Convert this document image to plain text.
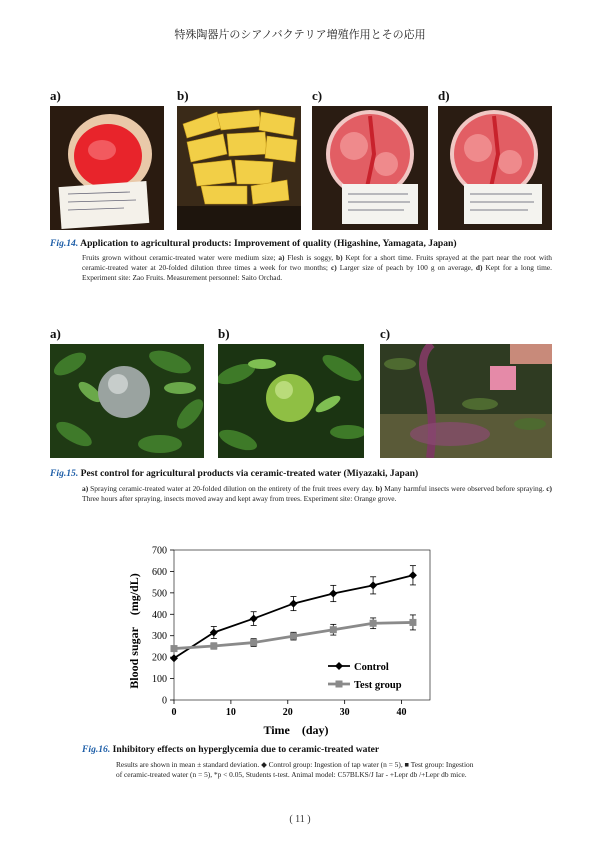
特殊陶器片のシアノバクテリア増殖作用とその応用
a)	b)	c)	d)
Fig.14. Application to agricultural products: Improvement of quality (Higashine, Yamagata, Japan)
Fruits grown without ceramic-treated water were medium size; a) Flesh is soggy, b) Kept for a short time. Fruits sprayed at the part near the root with ceramic-treated water at 20-folded dilution three times a week for two months; c) Larger size of peach by 100 g on average, d) Kept for a long time. Experiment site: Zao Fruits. Measurement personnel: Saito Orchad.
a)	b)	c)
Fig.15. Pest control for agricultural products via ceramic-treated water (Miyazaki, Japan)
a) Spraying ceramic-treated water at 20-folded dilution on the entirety of the fruit trees every day. b) Many harmful insects were observed before spraying. c) Three hours after spraying, insects moved away and kept away from trees. Experiment site: Orange grove.
0
100
200
300
400
500
600
700
0	10	20	30	40
Time　(day)
Blood sugar　(mg/dL)	Control
Test group
Fig.16. Inhibitory effects on hyperglycemia due to ceramic-treated water
Results are shown in mean ± standard deviation. ◆ Control group: Ingestion of tap water (n = 5), ■ Test group: Ingestion
of ceramic-treated water (n = 5), *p < 0.05, Students t-test. Animal model: C57BLKS/J Iar - +Lepr db /+Lepr db mice.
( 11 )
